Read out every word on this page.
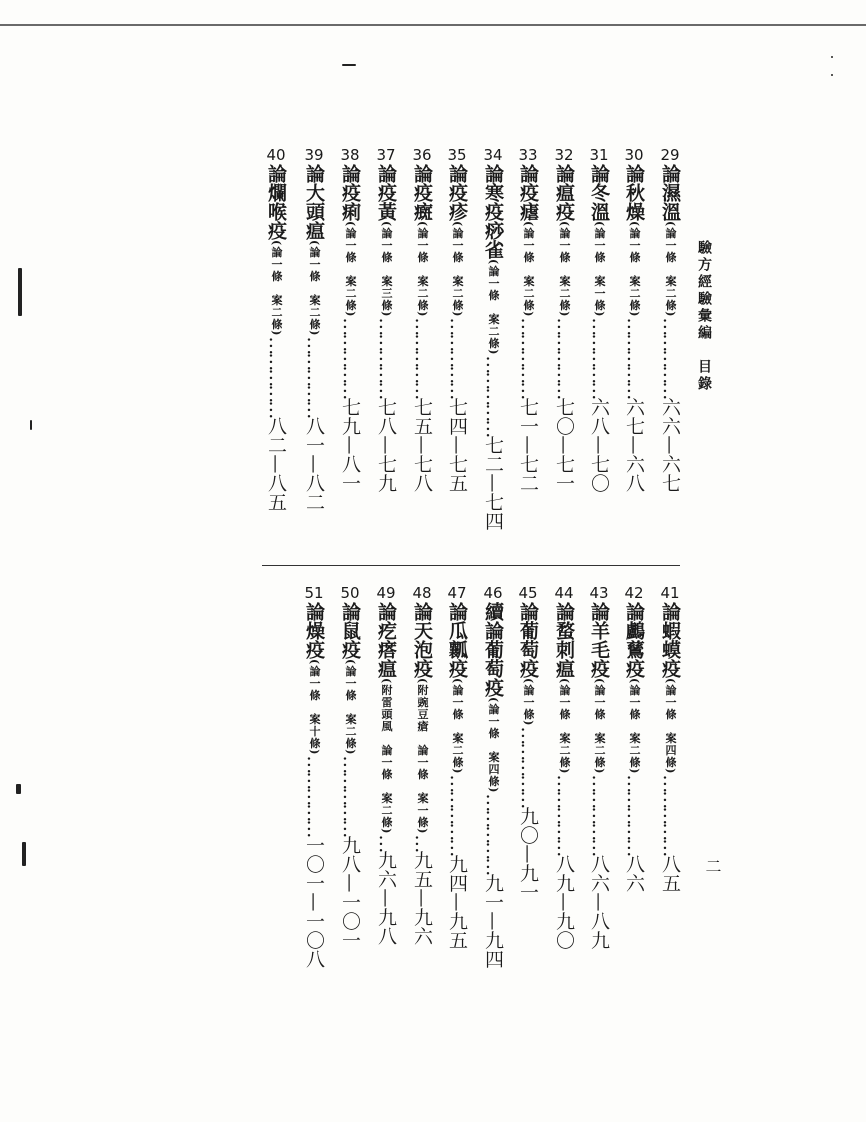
驗方經驗彙編　目錄
二
29
論濕溫(論一條　案二條)……………六六—六七
30
論秋燥(論一條　案二條)……………六七—六八
31
論冬溫(論一條　案一條)……………六八—七〇
32
論瘟疫(論一條　案二條)……………七〇—七一
33
論疫瘧(論一條　案二條)……………七一—七二
34
論寒疫痧雀(論一條　案二條)……………七二—七四
35
論疫疹(論一條　案二條)……………七四—七五
36
論疫癍(論一條　案二條)……………七五—七八
37
論疫黃(論一條　案三條)……………七八—七九
38
論疫痢(論一條　案二條)……………七九—八一
39
論大頭瘟(論一條　案二條)……………八一—八二
40
論爛喉疫(論一條　案二條)……………八二—八五
41
論蝦蟆疫(論一條　案四條)……………八五
42
論鸕鶿疫(論一條　案二條)……………八六
43
論羊毛疫(論一條　案二條)……………八六—八九
44
論蝥刺瘟(論一條　案二條)……………八九—九〇
45
論葡萄疫(論一條)……………九〇—九一
46
續論葡萄疫(論一條　案四條)……………九一—九四
47
論瓜瓤疫(論一條　案二條)……………九四—九五
48
論天泡疫(附豌豆瘡　論一條　案一條)…九五—九六
49
論疙瘩瘟(附雷頭風　論一條　案二條)…九六—九八
50
論鼠疫(論一條　案二條)……………九八—一〇一
51
論燥疫(論一條　案十條)……………一〇一—一〇八
